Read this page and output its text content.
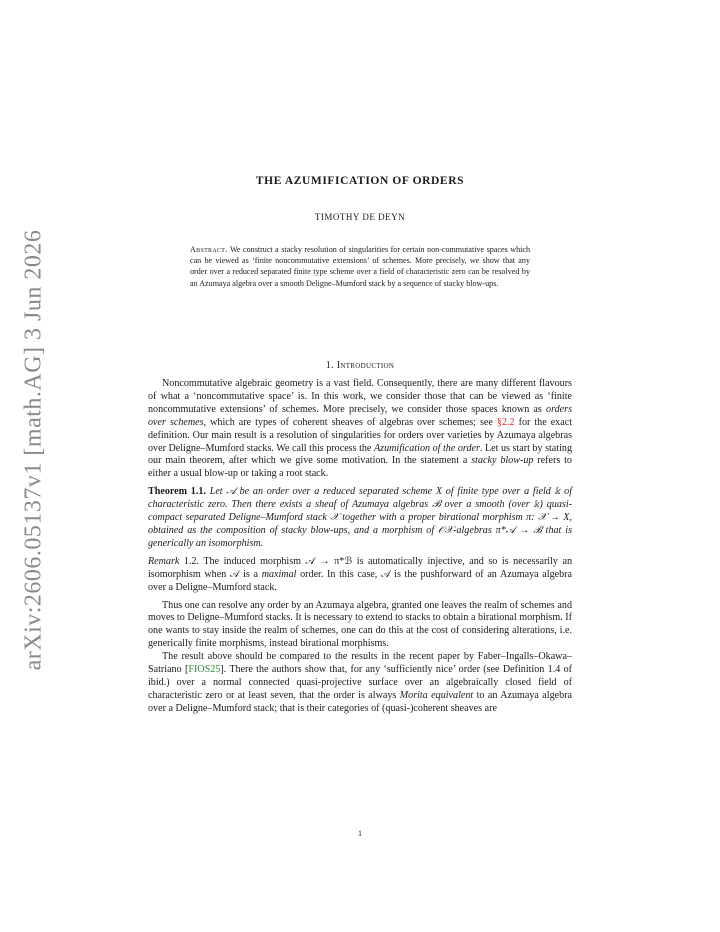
arXiv:2606.05137v1 [math.AG] 3 Jun 2026
THE AZUMIFICATION OF ORDERS
TIMOTHY DE DEYN
Abstract. We construct a stacky resolution of singularities for certain non-commutative spaces which can be viewed as ‘finite noncommutative extensions’ of schemes. More precisely, we show that any order over a reduced separated finite type scheme over a field of characteristic zero can be resolved by an Azumaya algebra over a smooth Deligne–Mumford stack by a sequence of stacky blow-ups.
1. Introduction

Noncommutative algebraic geometry is a vast field. Consequently, there are many different flavours of what a ‘noncommutative space’ is. In this work, we consider those that can be viewed as ‘finite noncommutative extensions’ of schemes. More precisely, we consider those spaces known as orders over schemes, which are types of coherent sheaves of algebras over schemes; see §2.2 for the exact definition. Our main result is a resolution of singularities for orders over varieties by Azumaya algebras over Deligne–Mumford stacks. We call this process the Azumification of the order. Let us start by stating our main theorem, after which we give some motivation. In the statement a stacky blow-up refers to either a usual blow-up or taking a root stack.

Theorem 1.1. Let 𝒜 be an order over a reduced separated scheme X of finite type over a field 𝕜 of characteristic zero. Then there exists a sheaf of Azumaya algebras ℬ over a smooth (over 𝕜) quasi-compact separated Deligne–Mumford stack 𝒳 together with a proper birational morphism π: 𝒳 → X, obtained as the composition of stacky blow-ups, and a morphism of 𝒪𝒳-algebras π*𝒜 → ℬ that is generically an isomorphism.
Remark 1.2. The induced morphism 𝒜 → π*ℬ is automatically injective, and so is necessarily an isomorphism when 𝒜 is a maximal order. In this case, 𝒜 is the pushforward of an Azumaya algebra over a Deligne–Mumford stack.

Thus one can resolve any order by an Azumaya algebra, granted one leaves the realm of schemes and moves to Deligne–Mumford stacks. It is necessary to extend to stacks to obtain a birational morphism. If one wants to stay inside the realm of schemes, one can do this at the cost of considering alterations, i.e. generically finite morphisms, instead birational morphisms.

The result above should be compared to the results in the recent paper by Faber–Ingalls–Okawa–Satriano [FIOS25]. There the authors show that, for any ‘sufficiently nice’ order (see Definition 1.4 of ibid.) over a normal connected quasi-projective surface over an algebraically closed field of characteristic zero or at least seven, that the order is always Morita equivalent to an Azumaya algebra over a Deligne–Mumford stack; that is their categories of (quasi-)coherent sheaves are

1
